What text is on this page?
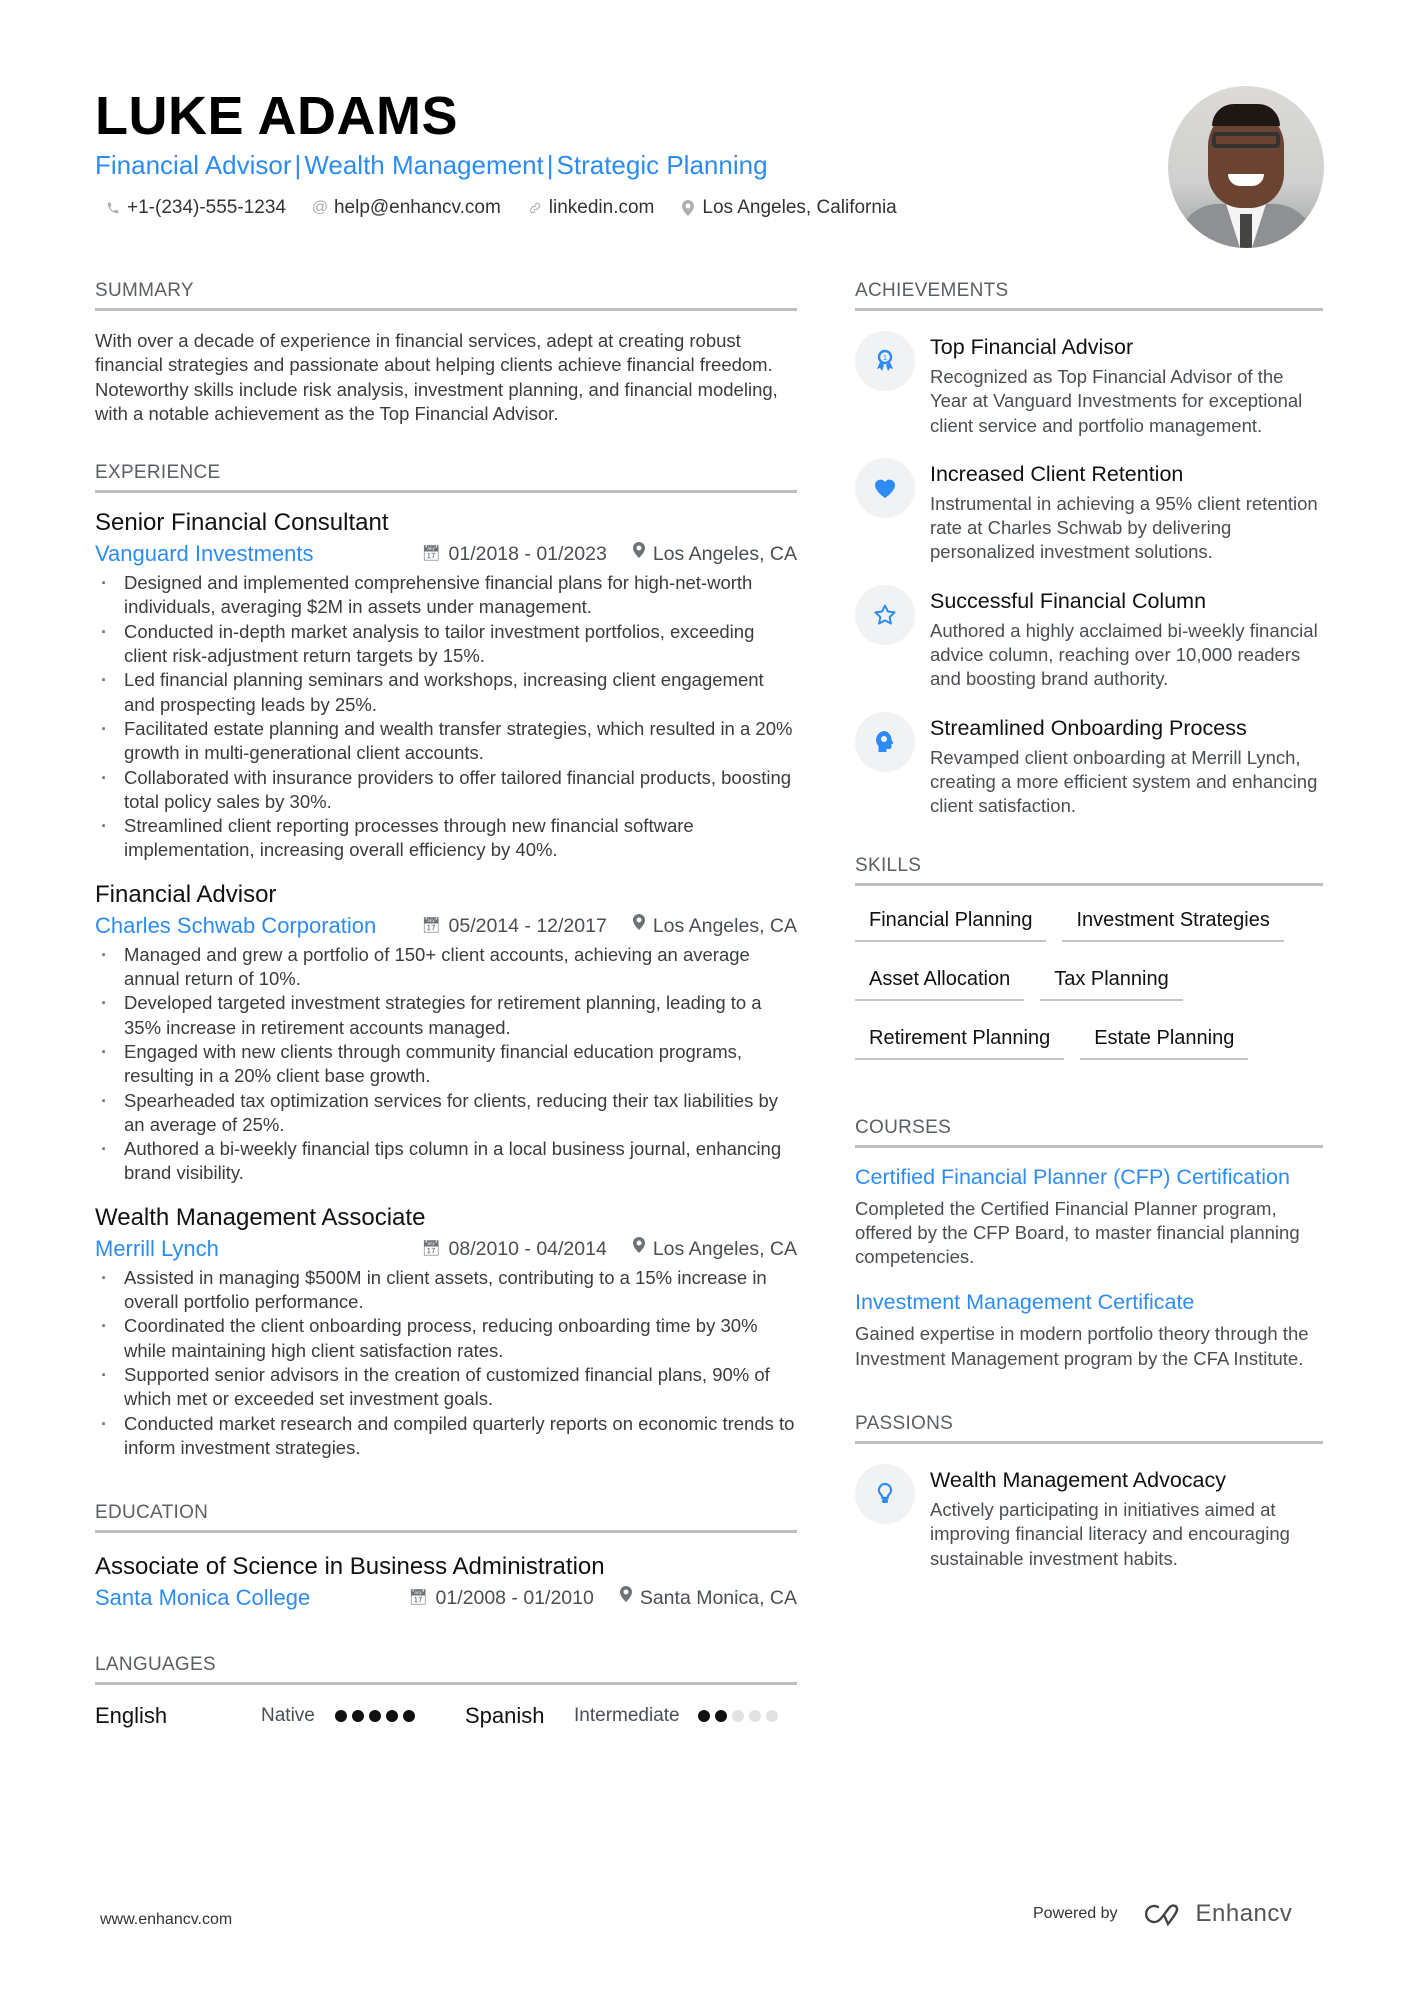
LUKE ADAMS
Financial Advisor | Wealth Management | Strategic Planning
+1-(234)-555-1234 @ help@enhancv.com	linkedin.com	Los Angeles, California
SUMMARY

With over a decade of experience in financial services, adept at creating robust financial strategies and passionate about helping clients achieve financial freedom. Noteworthy skills include risk analysis, investment planning, and financial modeling, with a notable achievement as the Top Financial Advisor.

EXPERIENCE
Senior Financial Consultant
Vanguard Investments	📅︎ 01/2018 - 01/2023 Los Angeles, CA
· Designed and implemented comprehensive financial plans for high-net-worth individuals, averaging $2M in assets under management.
· Conducted in-depth market analysis to tailor investment portfolios, exceeding client risk-adjustment return targets by 15%.
· Led financial planning seminars and workshops, increasing client engagement and prospecting leads by 25%.
· Facilitated estate planning and wealth transfer strategies, which resulted in a 20% growth in multi-generational client accounts.
· Collaborated with insurance providers to offer tailored financial products, boosting total policy sales by 30%.
· Streamlined client reporting processes through new financial software implementation, increasing overall efficiency by 40%.
Financial Advisor
Charles Schwab Corporation	📅︎ 05/2014 - 12/2017 Los Angeles, CA
· Managed and grew a portfolio of 150+ client accounts, achieving an average annual return of 10%.
· Developed targeted investment strategies for retirement planning, leading to a 35% increase in retirement accounts managed.
· Engaged with new clients through community financial education programs, resulting in a 20% client base growth.
· Spearheaded tax optimization services for clients, reducing their tax liabilities by an average of 25%.
· Authored a bi-weekly financial tips column in a local business journal, enhancing brand visibility.
Wealth Management Associate
Merrill Lynch	📅︎ 08/2010 - 04/2014 Los Angeles, CA
· Assisted in managing $500M in client assets, contributing to a 15% increase in overall portfolio performance.
· Coordinated the client onboarding process, reducing onboarding time by 30% while maintaining high client satisfaction rates.
· Supported senior advisors in the creation of customized financial plans, 90% of which met or exceeded set investment goals.
· Conducted market research and compiled quarterly reports on economic trends to inform investment strategies.
EDUCATION
Associate of Science in Business Administration
Santa Monica College	📅︎ 01/2008 - 01/2010 Santa Monica, CA
LANGUAGES
English	Native	Spanish	Intermediate
ACHIEVEMENTS
1 Top Financial Advisor
Recognized as Top Financial Advisor of the Year at Vanguard Investments for exceptional client service and portfolio management.
Increased Client Retention
Instrumental in achieving a 95% client retention rate at Charles Schwab by delivering personalized investment solutions.
Successful Financial Column
Authored a highly acclaimed bi-weekly financial advice column, reaching over 10,000 readers and boosting brand authority.
Streamlined Onboarding Process
Revamped client onboarding at Merrill Lynch, creating a more efficient system and enhancing client satisfaction.
SKILLS
Financial Planning	Investment Strategies
Asset Allocation	Tax Planning
Retirement Planning	Estate Planning
COURSES
Certified Financial Planner (CFP) Certification
Completed the Certified Financial Planner program, offered by the CFP Board, to master financial planning competencies.
Investment Management Certificate
Gained expertise in modern portfolio theory through the Investment Management program by the CFA Institute.
PASSIONS
Wealth Management Advocacy
Actively participating in initiatives aimed at improving financial literacy and encouraging sustainable investment habits.
www.enhancv.com	Powered by	Enhancv
